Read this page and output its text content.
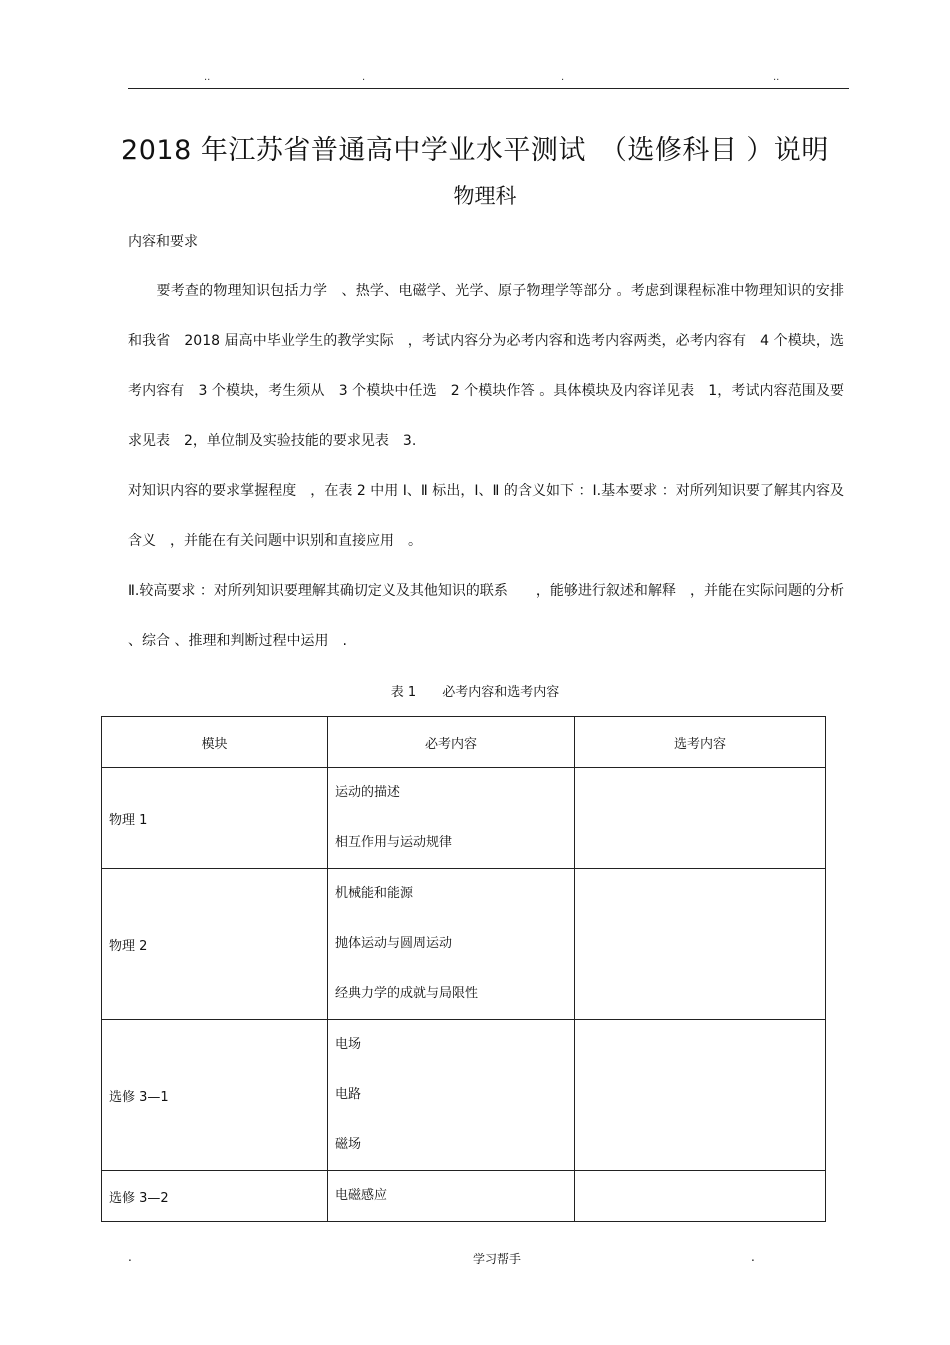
..	.	.	..
2018 年江苏省普通高中学业水平测试　（选修科目 ）说明
物理科
内容和要求

　　要考查的物理知识包括力学　、热学、电磁学、光学、原子物理学等部分 。考虑到课程标准中物理知识的安排和我省　2018 届高中毕业学生的教学实际　，考试内容分为必考内容和选考内容两类，必考内容有　4 个模块，选考内容有　3 个模块，考生须从　3 个模块中任选　2 个模块作答 。具体模块及内容详见表　1，考试内容范围及要求见表　2，单位制及实验技能的要求见表　3.

对知识内容的要求掌握程度　，在表 2 中用 Ⅰ、Ⅱ 标出，Ⅰ、Ⅱ 的含义如下 ：Ⅰ.基本要求 ：对所列知识要了解其内容及含义　，并能在有关问题中识别和直接应用　。

Ⅱ.较高要求 ：对所列知识要理解其确切定义及其他知识的联系　　，能够进行叙述和解释　，并能在实际问题的分析 、综合 、推理和判断过程中运用　.

表 1　　必考内容和选考内容
模块	必考内容	选考内容
物理 1	运动的描述
相互作用与运动规律	

物理 2	机械能和能源
抛体运动与圆周运动
经典力学的成就与局限性	

选修 3—1	电场
电路
磁场	

选修 3—2	电磁感应	

.	学习帮手	.
